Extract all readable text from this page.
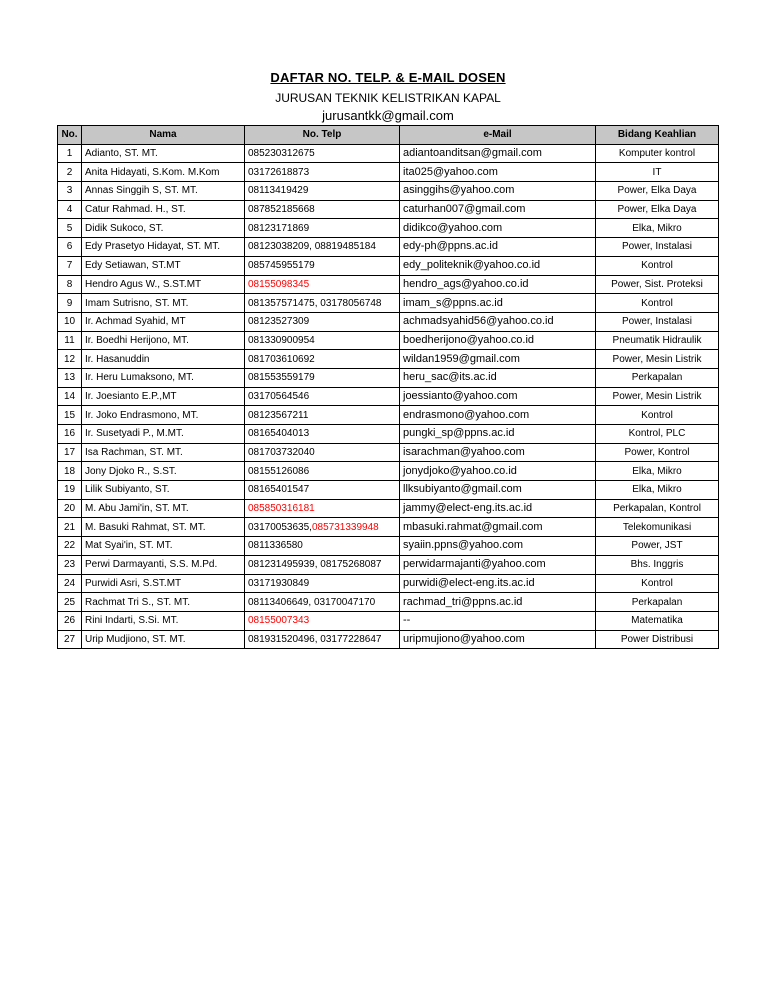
DAFTAR NO. TELP. & E-MAIL DOSEN
JURUSAN TEKNIK KELISTRIKAN KAPAL
jurusantkk@gmail.com
No.	Nama	No. Telp	e-Mail	Bidang Keahlian
1	Adianto, ST. MT.	085230312675	adiantoanditsan@gmail.com	Komputer kontrol
2	Anita Hidayati, S.Kom. M.Kom	03172618873	ita025@yahoo.com	IT
3	Annas Singgih S, ST. MT.	08113419429	asinggihs@yahoo.com	Power, Elka Daya
4	Catur Rahmad. H., ST.	087852185668	caturhan007@gmail.com	Power, Elka Daya
5	Didik Sukoco, ST.	08123171869	didikco@yahoo.com	Elka, Mikro
6	Edy Prasetyo Hidayat, ST. MT.	08123038209, 08819485184	edy-ph@ppns.ac.id	Power, Instalasi
7	Edy Setiawan, ST.MT	085745955179	edy_politeknik@yahoo.co.id	Kontrol
8	Hendro Agus W., S.ST.MT	08155098345	hendro_ags@yahoo.co.id	Power, Sist. Proteksi
9	Imam Sutrisno, ST. MT.	081357571475, 03178056748	imam_s@ppns.ac.id	Kontrol
10	Ir. Achmad Syahid, MT	08123527309	achmadsyahid56@yahoo.co.id	Power, Instalasi
11	Ir. Boedhi Herijono, MT.	081330900954	boedherijono@yahoo.co.id	Pneumatik Hidraulik
12	Ir. Hasanuddin	081703610692	wildan1959@gmail.com	Power, Mesin Listrik
13	Ir. Heru Lumaksono, MT.	081553559179	heru_sac@its.ac.id	Perkapalan
14	Ir. Joesianto E.P.,MT	03170564546	joessianto@yahoo.com	Power, Mesin Listrik
15	Ir. Joko Endrasmono, MT.	08123567211	endrasmono@yahoo.com	Kontrol
16	Ir. Susetyadi P., M.MT.	08165404013	pungki_sp@ppns.ac.id	Kontrol, PLC
17	Isa Rachman, ST. MT.	081703732040	isarachman@yahoo.com	Power, Kontrol
18	Jony Djoko R., S.ST.	08155126086	jonydjoko@yahoo.co.id	Elka, Mikro
19	Lilik Subiyanto, ST.	08165401547	llksubiyanto@gmail.com	Elka, Mikro
20	M. Abu Jami'in, ST. MT.	085850316181	jammy@elect-eng.its.ac.id	Perkapalan, Kontrol
21	M. Basuki Rahmat, ST. MT.	03170053635,085731339948	mbasuki.rahmat@gmail.com	Telekomunikasi
22	Mat Syai'in, ST. MT.	0811336580	syaiin.ppns@yahoo.com	Power, JST
23	Perwi Darmayanti, S.S. M.Pd.	081231495939, 08175268087	perwidarmajanti@yahoo.com	Bhs. Inggris
24	Purwidi Asri, S.ST.MT	03171930849	purwidi@elect-eng.its.ac.id	Kontrol
25	Rachmat Tri S., ST. MT.	08113406649, 03170047170	rachmad_tri@ppns.ac.id	Perkapalan
26	Rini Indarti, S.Si. MT.	08155007343	--	Matematika
27	Urip Mudjiono, ST. MT.	081931520496, 03177228647	uripmujiono@yahoo.com	Power Distribusi
